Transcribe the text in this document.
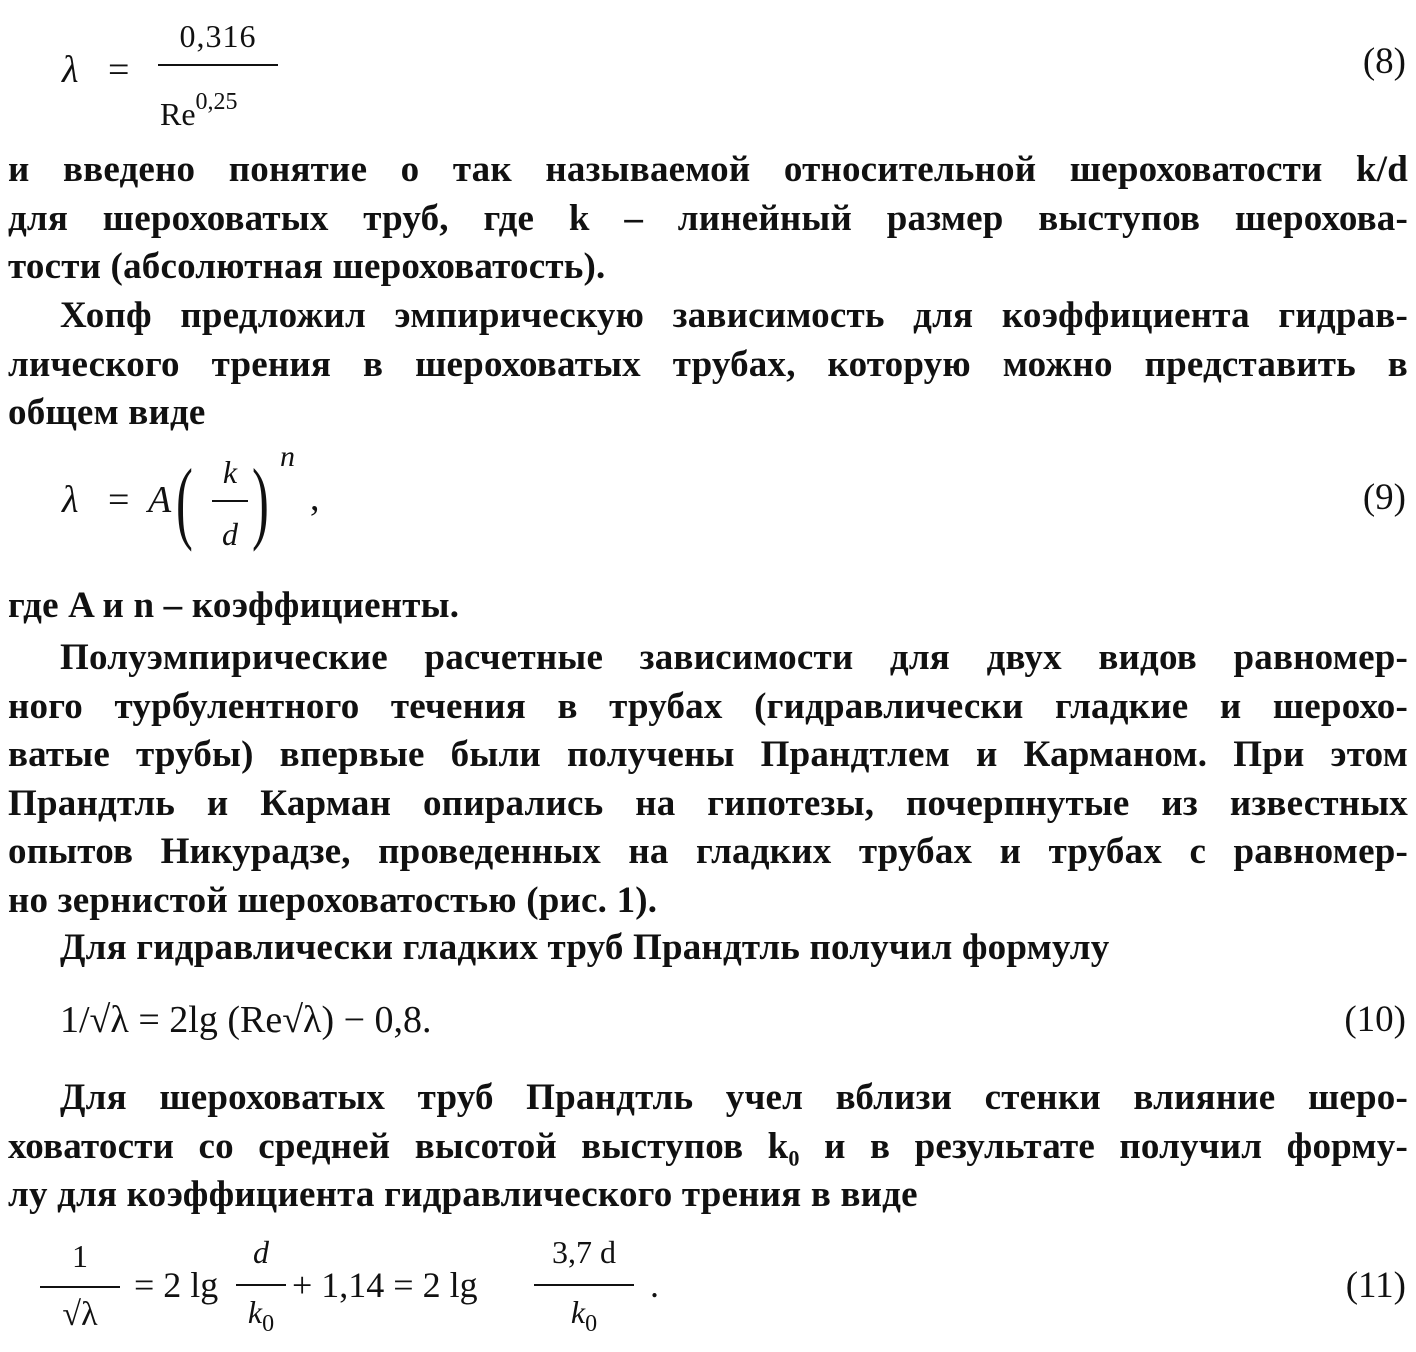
λ =
0,316
Re$^{0,25}$
(8)
и введено понятие о так называемой относительной шероховатости k/d
для шероховатых труб, где k – линейный размер выступов шерохова-
тости (абсолютная шероховатость).
Хопф предложил эмпирическую зависимость для коэффициента гидрав-
лического трения в шероховатых трубах, которую можно представить в
общем виде
λ = A ( k
d ) n
,	(9)
где A и n – коэффициенты.
Полуэмпирические расчетные зависимости для двух видов равномер-
ного турбулентного течения в трубах (гидравлически гладкие и шерохо-
ватые трубы) впервые были получены Прандтлем и Карманом. При этом
Прандтль и Карман опирались на гипотезы, почерпнутые из известных
опытов Никурадзе, проведенных на гладких трубах и трубах с равномер-
но зернистой шероховатостью (рис. 1).
Для гидравлически гладких труб Прандтль получил формулу
1/√λ = 2lg (Re√λ) − 0,8.	(10)
Для шероховатых труб Прандтль учел вблизи стенки влияние шеро-
ховатости со средней высотой выступов k₀ и в результате получил форму-
лу для коэффициента гидравлического трения в виде
1
√λ
= 2 lg
d
$k_0$
+ 1,14 = 2 lg
3,7 d
$k_0$
.	(11)
